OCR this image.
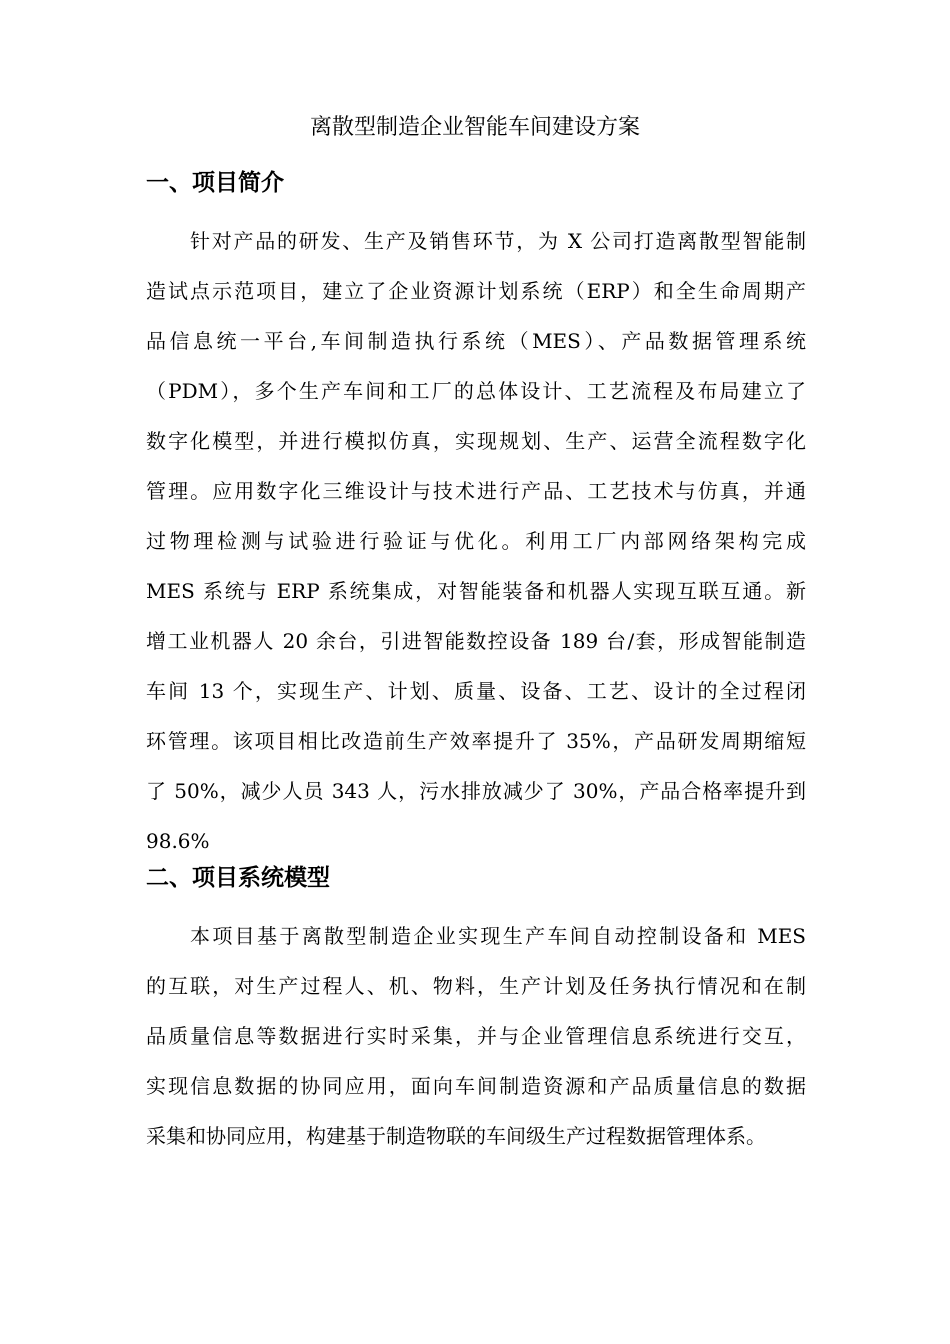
离散型制造企业智能车间建设方案
一、项目简介
针对产品的研发、生产及销售环节，为 X 公司打造离散型智能制
造试点示范项目，建立了企业资源计划系统（ERP）和全生命周期产
品信息统一平台,车间制造执行系统（MES）、产品数据管理系统
（PDM），多个生产车间和工厂的总体设计、工艺流程及布局建立了
数字化模型，并进行模拟仿真，实现规划、生产、运营全流程数字化
管理。应用数字化三维设计与技术进行产品、工艺技术与仿真，并通
过物理检测与试验进行验证与优化。利用工厂内部网络架构完成
MES 系统与 ERP 系统集成，对智能装备和机器人实现互联互通。新
增工业机器人 20 余台，引进智能数控设备 189 台/套，形成智能制造
车间 13 个，实现生产、计划、质量、设备、工艺、设计的全过程闭
环管理。该项目相比改造前生产效率提升了 35%，产品研发周期缩短
了 50%，减少人员 343 人，污水排放减少了 30%，产品合格率提升到
98.6%
二、项目系统模型
本项目基于离散型制造企业实现生产车间自动控制设备和 MES
的互联，对生产过程人、机、物料，生产计划及任务执行情况和在制
品质量信息等数据进行实时采集，并与企业管理信息系统进行交互，
实现信息数据的协同应用，面向车间制造资源和产品质量信息的数据
采集和协同应用，构建基于制造物联的车间级生产过程数据管理体系。
